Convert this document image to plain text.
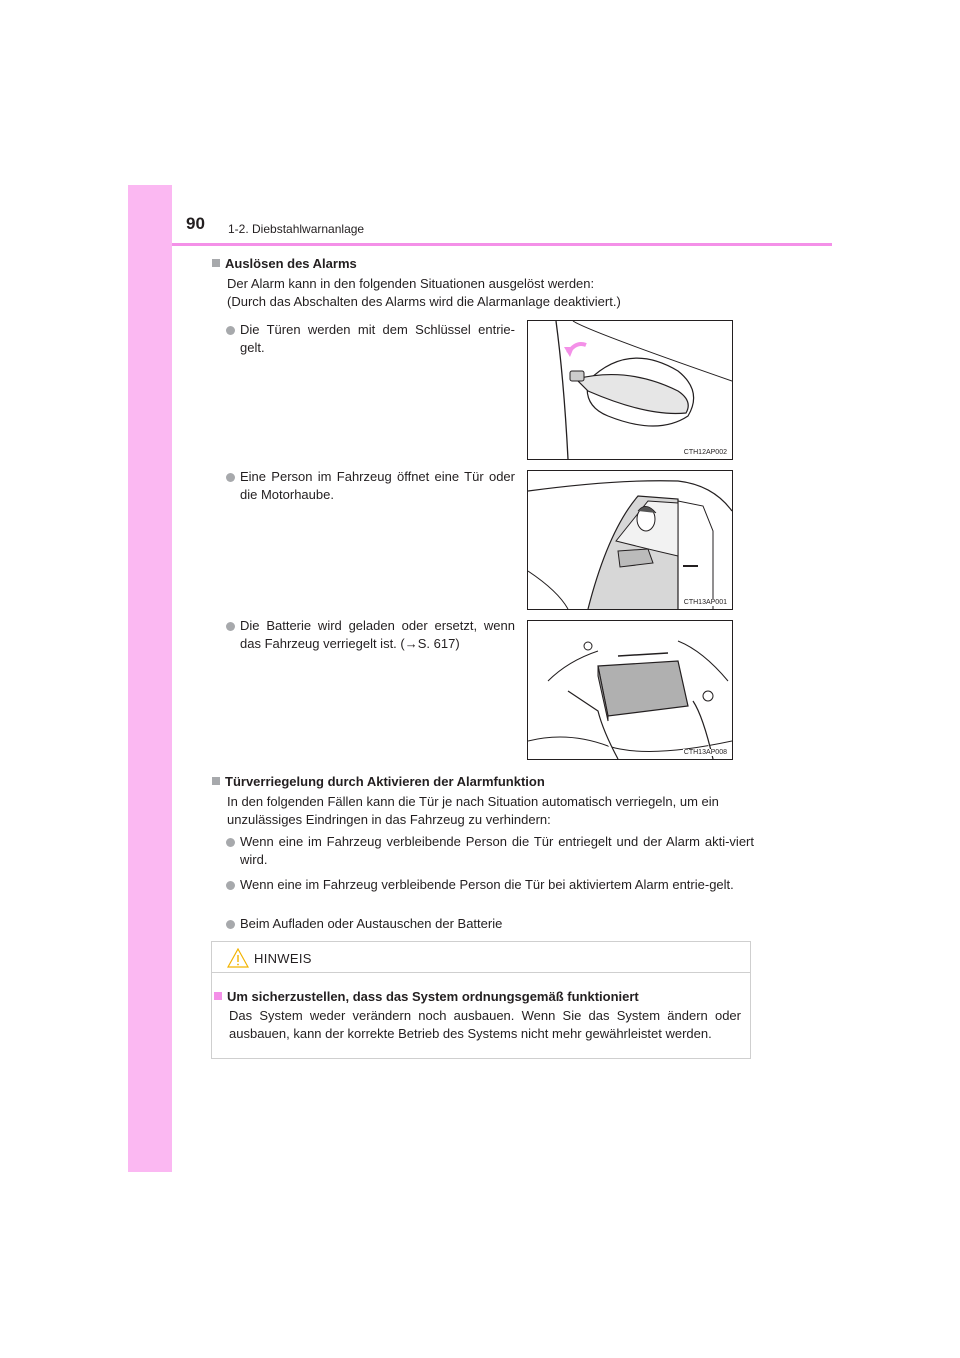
90 1-2. Diebstahlwarnanlage
Auslösen des Alarms
Der Alarm kann in den folgenden Situationen ausgelöst werden:
(Durch das Abschalten des Alarms wird die Alarmanlage deaktiviert.)
Die Türen werden mit dem Schlüssel entrie-gelt.
Eine Person im Fahrzeug öffnet eine Tür oder die Motorhaube.
Die Batterie wird geladen oder ersetzt, wenn das Fahrzeug verriegelt ist. (→S. 617)
CTH12AP002
CTH13AP001
CTH13AP008
Türverriegelung durch Aktivieren der Alarmfunktion
In den folgenden Fällen kann die Tür je nach Situation automatisch verriegeln, um ein unzulässiges Eindringen in das Fahrzeug zu verhindern:
Wenn eine im Fahrzeug verbleibende Person die Tür entriegelt und der Alarm akti-viert wird.
Wenn eine im Fahrzeug verbleibende Person die Tür bei aktiviertem Alarm entrie-gelt.
Beim Aufladen oder Austauschen der Batterie
HINWEIS
Um sicherzustellen, dass das System ordnungsgemäß funktioniert
Das System weder verändern noch ausbauen. Wenn Sie das System ändern oder ausbauen, kann der korrekte Betrieb des Systems nicht mehr gewährleistet werden.
